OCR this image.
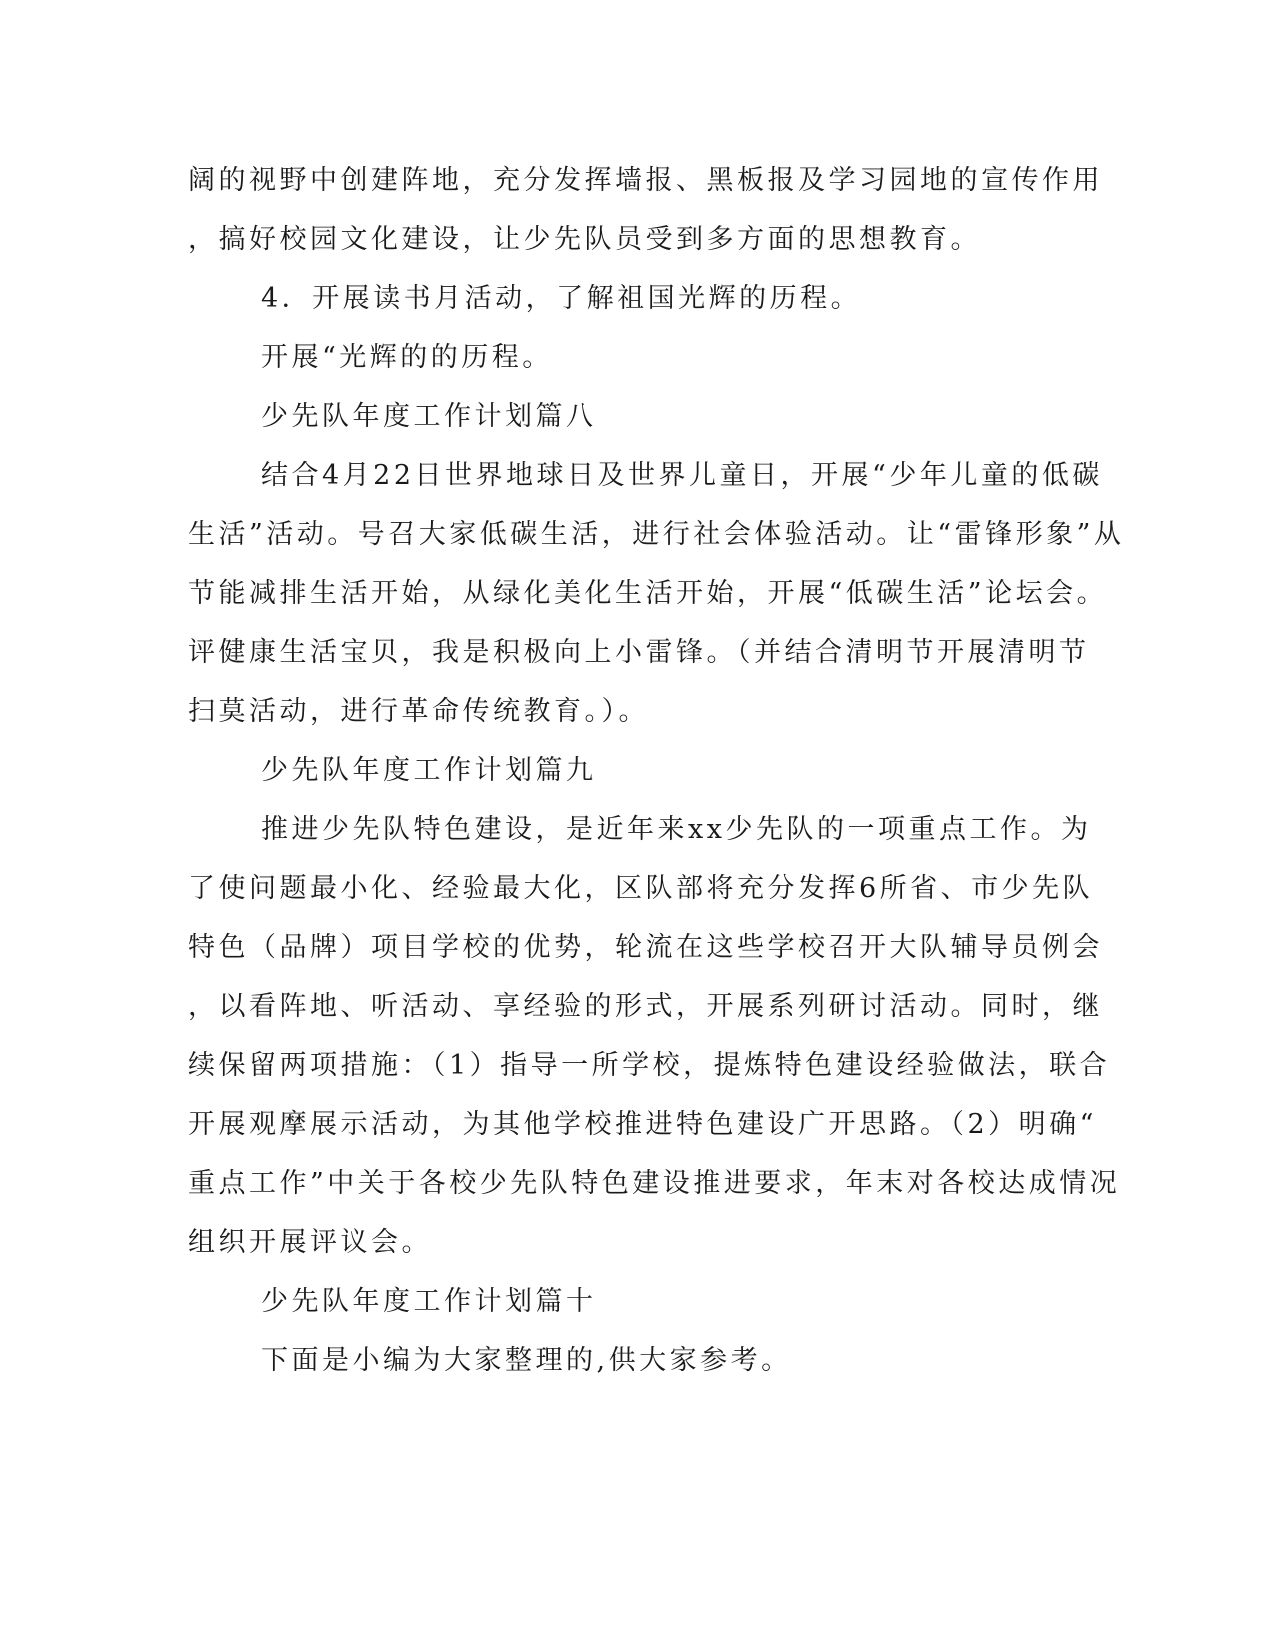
阔的视野中创建阵地，充分发挥墙报、黑板报及学习园地的宣传作用
，搞好校园文化建设，让少先队员受到多方面的思想教育。
4．开展读书月活动，了解祖国光辉的历程。
开展“光辉的的历程。
少先队年度工作计划篇八
结合4月22日世界地球日及世界儿童日，开展“少年儿童的低碳
生活”活动。号召大家低碳生活，进行社会体验活动。让“雷锋形象”从
节能减排生活开始，从绿化美化生活开始，开展“低碳生活”论坛会。
评健康生活宝贝，我是积极向上小雷锋。（并结合清明节开展清明节
扫莫活动，进行革命传统教育。）。
少先队年度工作计划篇九
推进少先队特色建设，是近年来xx少先队的一项重点工作。为
了使问题最小化、经验最大化，区队部将充分发挥6所省、市少先队
特色（品牌）项目学校的优势，轮流在这些学校召开大队辅导员例会
，以看阵地、听活动、享经验的形式，开展系列研讨活动。同时，继
续保留两项措施：（1）指导一所学校，提炼特色建设经验做法，联合
开展观摩展示活动，为其他学校推进特色建设广开思路。（2）明确“
重点工作”中关于各校少先队特色建设推进要求，年末对各校达成情况
组织开展评议会。
少先队年度工作计划篇十
下面是小编为大家整理的,供大家参考。
